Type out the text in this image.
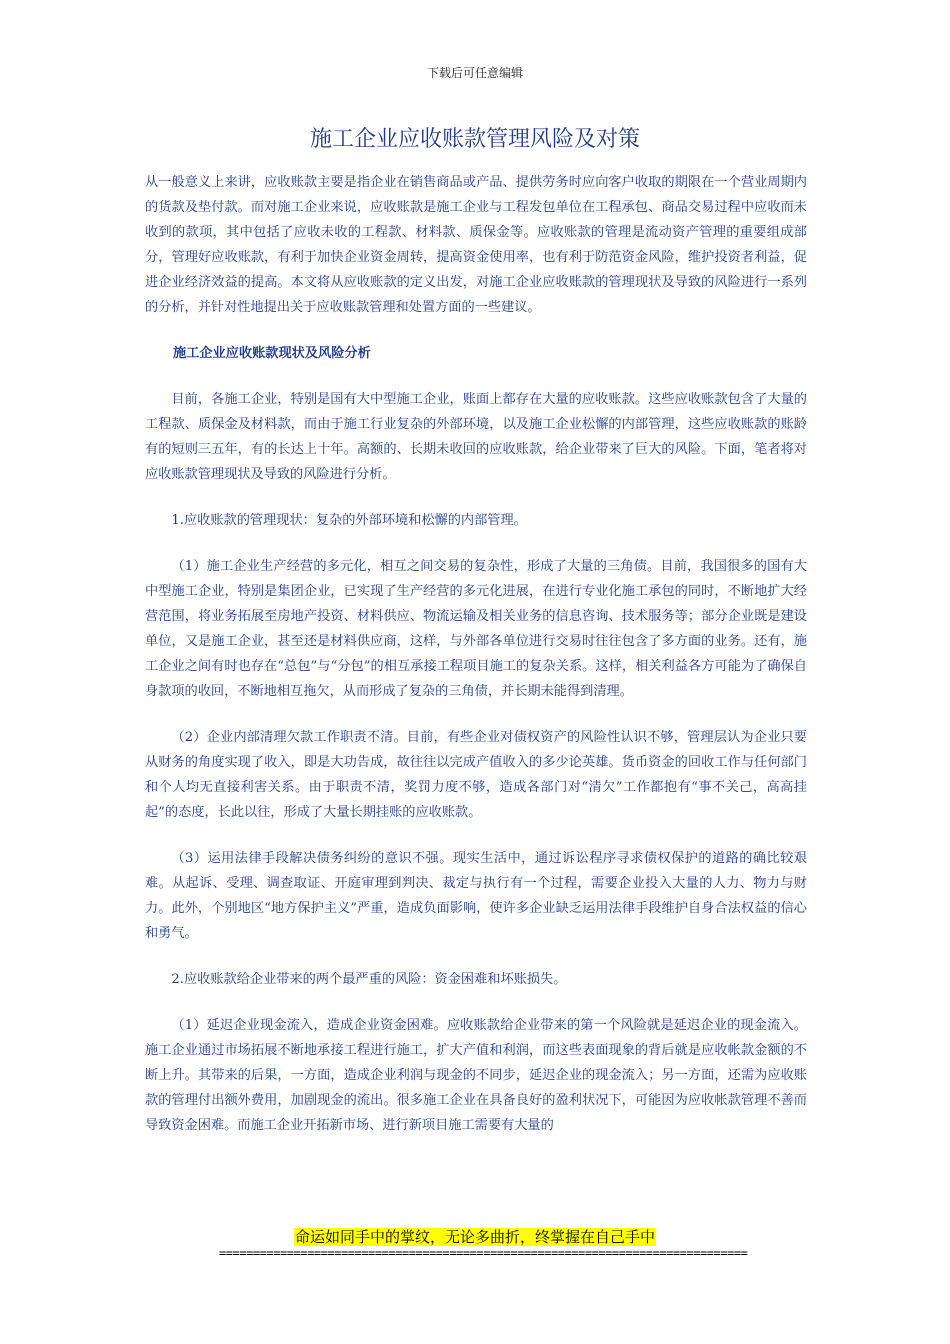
下载后可任意编辑
施工企业应收账款管理风险及对策

从一般意义上来讲，应收账款主要是指企业在销售商品或产品、提供劳务时应向客户收取的期限在一个营业周期内的货款及垫付款。而对施工企业来说，应收账款是施工企业与工程发包单位在工程承包、商品交易过程中应收而未收到的款项，其中包括了应收未收的工程款、材料款、质保金等。应收账款的管理是流动资产管理的重要组成部分，管理好应收账款，有利于加快企业资金周转，提高资金使用率，也有利于防范资金风险，维护投资者利益，促进企业经济效益的提高。本文将从应收账款的定义出发，对施工企业应收账款的管理现状及导致的风险进行一系列的分析，并针对性地提出关于应收账款管理和处置方面的一些建议。

施工企业应收账款现状及风险分析

目前，各施工企业，特别是国有大中型施工企业，账面上都存在大量的应收账款。这些应收账款包含了大量的工程款、质保金及材料款，而由于施工行业复杂的外部环境，以及施工企业松懈的内部管理，这些应收账款的账龄有的短则三五年，有的长达上十年。高额的、长期未收回的应收账款，给企业带来了巨大的风险。下面，笔者将对应收账款管理现状及导致的风险进行分析。

1.应收账款的管理现状：复杂的外部环境和松懈的内部管理。

（1）施工企业生产经营的多元化，相互之间交易的复杂性，形成了大量的三角债。目前，我国很多的国有大中型施工企业，特别是集团企业，已实现了生产经营的多元化进展，在进行专业化施工承包的同时，不断地扩大经营范围，将业务拓展至房地产投资、材料供应、物流运输及相关业务的信息咨询、技术服务等；部分企业既是建设单位，又是施工企业，甚至还是材料供应商，这样，与外部各单位进行交易时往往包含了多方面的业务。还有，施工企业之间有时也存在“总包”与“分包”的相互承接工程项目施工的复杂关系。这样，相关利益各方可能为了确保自身款项的收回，不断地相互拖欠，从而形成了复杂的三角债，并长期未能得到清理。

（2）企业内部清理欠款工作职责不清。目前，有些企业对债权资产的风险性认识不够，管理层认为企业只要从财务的角度实现了收入，即是大功告成，故往往以完成产值收入的多少论英雄。货币资金的回收工作与任何部门和个人均无直接利害关系。由于职责不清，奖罚力度不够，造成各部门对“清欠”工作都抱有“事不关己，高高挂起”的态度，长此以往，形成了大量长期挂账的应收账款。

（3）运用法律手段解决债务纠纷的意识不强。现实生活中，通过诉讼程序寻求债权保护的道路的确比较艰难。从起诉、受理、调查取证、开庭审理到判决、裁定与执行有一个过程，需要企业投入大量的人力、物力与财力。此外，个别地区“地方保护主义”严重，造成负面影响，使许多企业缺乏运用法律手段维护自身合法权益的信心和勇气。

2.应收账款给企业带来的两个最严重的风险：资金困难和坏账损失。

（1）延迟企业现金流入，造成企业资金困难。应收账款给企业带来的第一个风险就是延迟企业的现金流入。施工企业通过市场拓展不断地承接工程进行施工，扩大产值和利润，而这些表面现象的背后就是应收帐款金额的不断上升。其带来的后果，一方面，造成企业利润与现金的不同步，延迟企业的现金流入；另一方面，还需为应收账款的管理付出额外费用，加剧现金的流出。很多施工企业在具备良好的盈利状况下，可能因为应收帐款管理不善而导致资金困难。而施工企业开拓新市场、进行新项目施工需要有大量的

命运如同手中的掌纹，无论多曲折，终掌握在自己手中
==============================================================================
